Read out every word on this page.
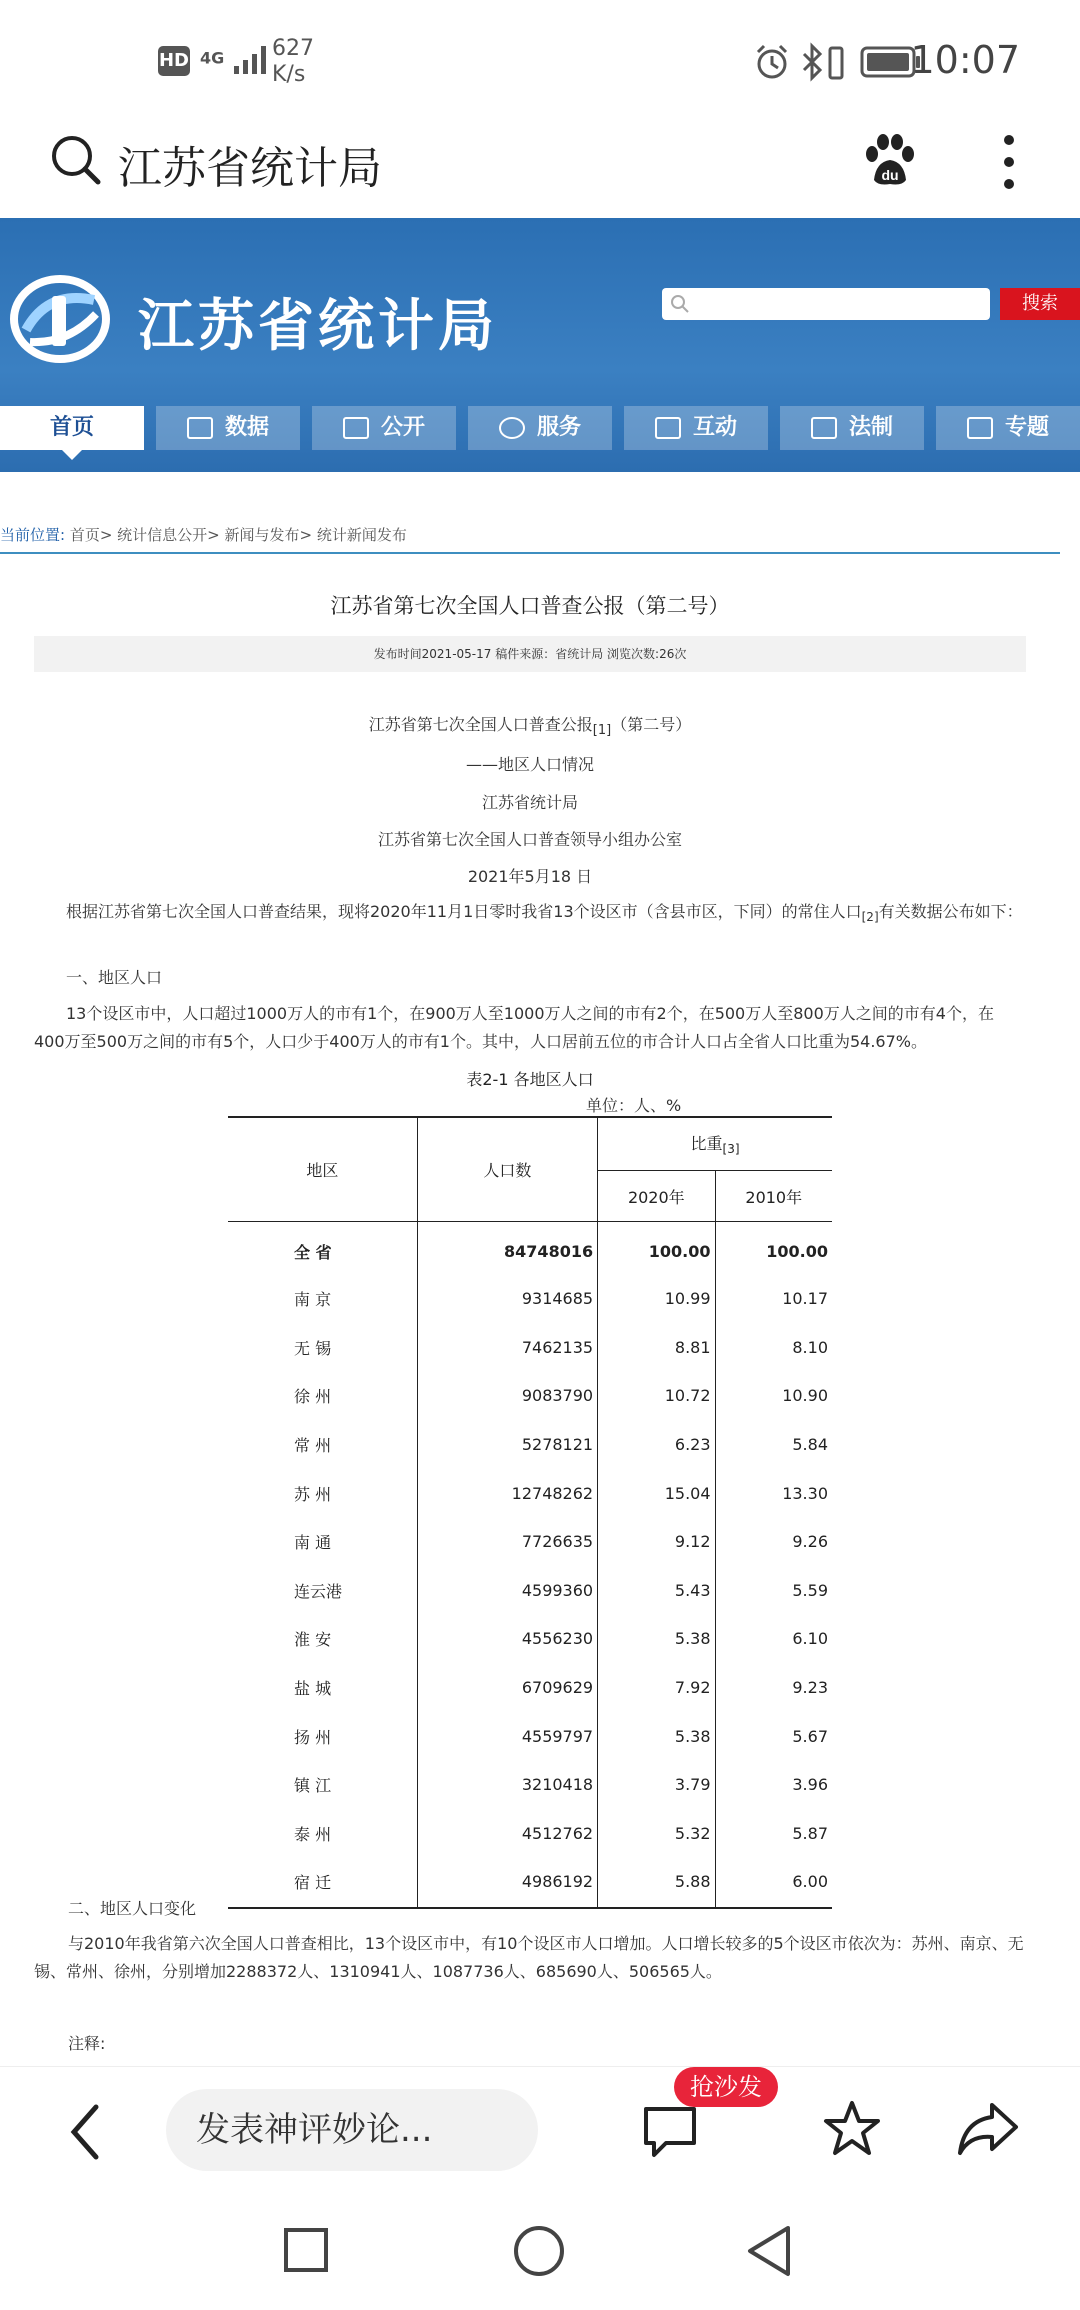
HD 4G	627
K/s	10:07
江苏省统计局	du
江苏省统计局	搜索
首页	数据	公开	服务	互动	法制	专题
当前位置: 首页> 统计信息公开> 新闻与发布> 统计新闻发布
江苏省第七次全国人口普查公报（第二号）
发布时间2021-05-17 稿件来源：省统计局 浏览次数:26次
江苏省第七次全国人口普查公报$_{[1]}$（第二号）
——地区人口情况
江苏省统计局
江苏省第七次全国人口普查领导小组办公室
2021年5月18 日
根据江苏省第七次全国人口普查结果，现将2020年11月1日零时我省13个设区市（含县市区，下同）的常住人口$_{[2]}$有关数据公布如下：
一、地区人口
13个设区市中，人口超过1000万人的市有1个，在900万人至1000万人之间的市有2个，在500万人至800万人之间的市有4个，在400万至500万之间的市有5个，人口少于400万人的市有1个。其中，人口居前五位的市合计人口占全省人口比重为54.67%。
表2-1 各地区人口
单位：人、%
地区	人口数	比重$_{[3]}$
		2020年	2010年
全 省	84748016	100.00	100.00
南 京	9314685	10.99	10.17
无 锡	7462135	8.81	8.10
徐 州	9083790	10.72	10.90
常 州	5278121	6.23	5.84
苏 州	12748262	15.04	13.30
南 通	7726635	9.12	9.26
连云港	4599360	5.43	5.59
淮 安	4556230	5.38	6.10
盐 城	6709629	7.92	9.23
扬 州	4559797	5.38	5.67
镇 江	3210418	3.79	3.96
泰 州	4512762	5.32	5.87
宿 迁	4986192	5.88	6.00
二、地区人口变化
与2010年我省第六次全国人口普查相比，13个设区市中，有10个设区市人口增加。人口增长较多的5个设区市依次为：苏州、南京、无锡、常州、徐州，分别增加2288372人、1310941人、1087736人、685690人、506565人。
注释:
发表神评妙论...
抢沙发
